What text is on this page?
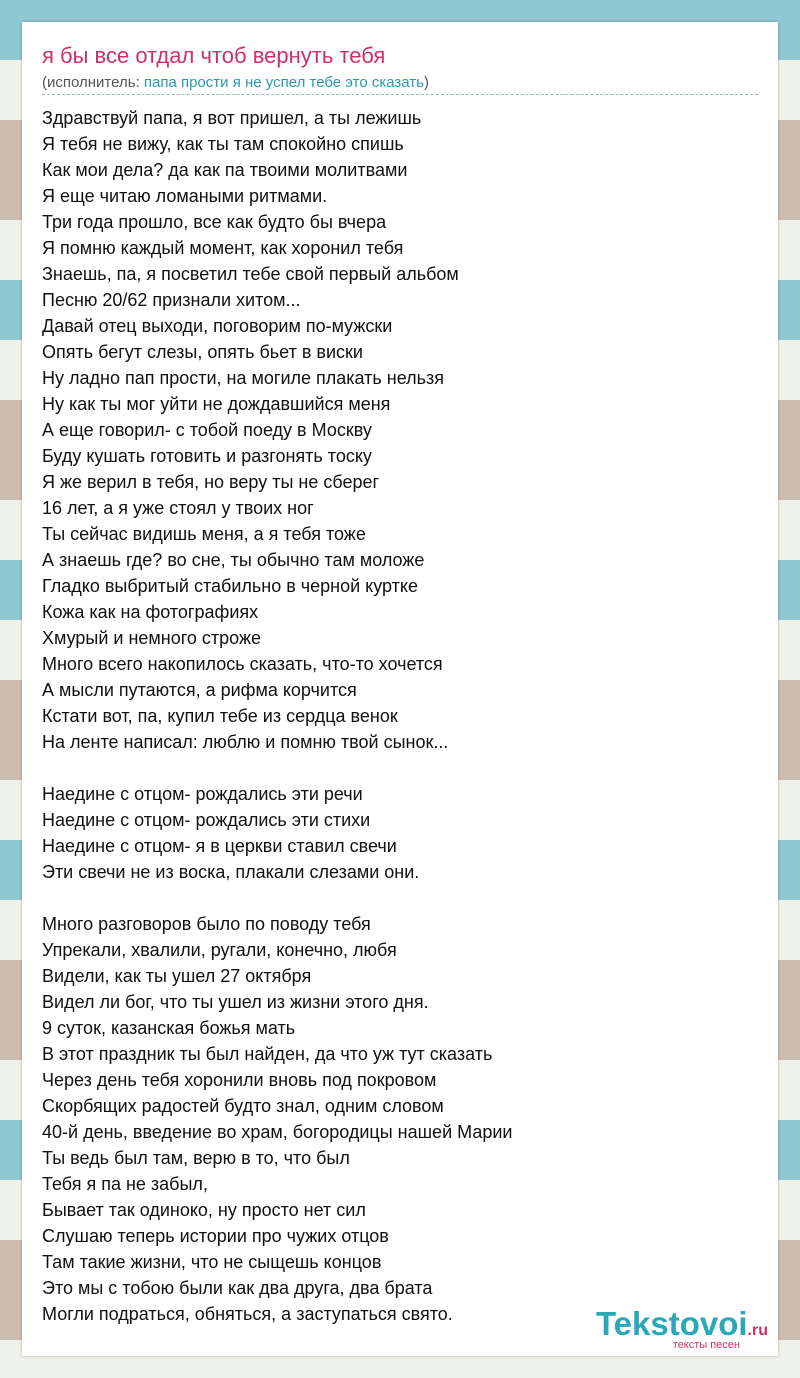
я бы все отдал чтоб вернуть тебя
(исполнитель: папа прости я не успел тебе это сказать)
Здравствуй папа, я вот пришел, а ты лежишь
Я тебя не вижу, как ты там спокойно спишь
Как мои дела? да как па твоими молитвами
Я еще читаю ломаными ритмами.
Три года прошло, все как будто бы вчера
Я помню каждый момент, как хоронил тебя
Знаешь, па, я посветил тебе свой первый альбом
Песню 20/62 признали хитом...
Давай отец выходи, поговорим по-мужски
Опять бегут слезы, опять бьет в виски
Ну ладно пап прости, на могиле плакать нельзя
Ну как ты мог уйти не дождавшийся меня
А еще говорил- с тобой поеду в Москву
Буду кушать готовить и разгонять тоску
Я же верил в тебя, но веру ты не сберег
16 лет, а я уже стоял у твоих ног
Ты сейчас видишь меня, а я тебя тоже
А знаешь где? во сне, ты обычно там моложе
Гладко выбритый стабильно в черной куртке
Кожа как на фотографиях
Хмурый и немного строже
Много всего накопилось сказать, что-то хочется
А мысли путаются, а рифма корчится
Кстати вот, па, купил тебе из сердца венок
На ленте написал: люблю и помню твой сынок...
Наедине с отцом- рождались эти речи
Наедине с отцом- рождались эти стихи
Наедине с отцом- я в церкви ставил свечи
Эти свечи не из воска, плакали слезами они.
Много разговоров было по поводу тебя
Упрекали, хвалили, ругали, конечно, любя
Видели, как ты ушел 27 октября
Видел ли бог, что ты ушел из жизни этого дня.
9 суток, казанская божья мать
В этот праздник ты был найден, да что уж тут сказать
Через день тебя хоронили вновь под покровом
Скорбящих радостей будто знал, одним словом
40-й день, введение во храм, богородицы нашей Марии
Ты ведь был там, верю в то, что был
Тебя я па не забыл,
Бывает так одиноко, ну просто нет сил
Слушаю теперь истории про чужих отцов
Там такие жизни, что не сыщешь концов
Это мы с тобою были как два друга, два брата
Могли подраться, обняться, а заступаться свято.	Tekstovoi.ru
тексты песен
